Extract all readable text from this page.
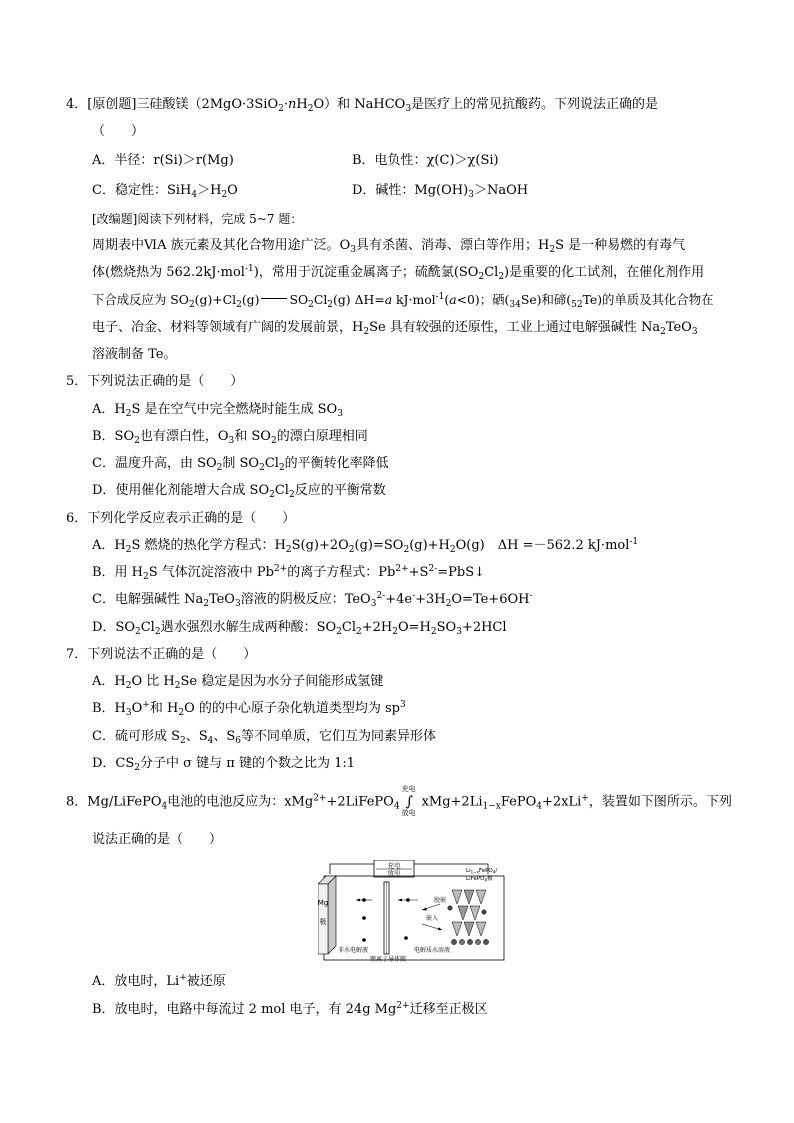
4．[原创题]三硅酸镁$(2MgO\cdot 3SiO_2\cdot nH_2O)$和 NaHCO$_3$是医疗上的常见抗酸药。下列说法正确的是
（　　）
A．半径：r(Si)＞r(Mg)	B．电负性：χ(C)＞χ(Si)
C．稳定性：$SiH_4>H_2O$	D．碱性：$Mg(OH)_3>NaOH$
[改编题]阅读下列材料，完成 5~7 题：
周期表中ⅥA 族元素及其化合物用途广泛。$O_3$具有杀菌、消毒、漂白等作用；$H_2S$ 是一种易燃的有毒气
体(燃烧热为 562.2kJ·mol$^{-1}$)，常用于沉淀重金属离子；硫酰氯$(SO_2Cl_2)$是重要的化工试剂，在催化剂作用
下合成反应为 $SO_2(g)+Cl_2(g)$ $SO_2Cl_2(g)$ ΔH=a kJ·mol$^{-1}$(a<0)；硒$(_{34}Se)$和碲$(_{52}Te)$的单质及其化合物在
电子、冶金、材料等领域有广阔的发展前景，$H_2Se$ 具有较强的还原性，工业上通过电解强碱性 $Na_2TeO_3$
溶液制备 Te。
5．下列说法正确的是（　　）
A．$H_2S$ 是在空气中完全燃烧时能生成 $SO_3$
B．$SO_2$也有漂白性，$O_3$和 $SO_2$的漂白原理相同
C．温度升高，由 $SO_2$制 $SO_2Cl_2$的平衡转化率降低
D．使用催化剂能增大合成 $SO_2Cl_2$反应的平衡常数
6．下列化学反应表示正确的是（　　）
A．$H_2S$ 燃烧的热化学方程式：$H_2S(g)+2O_2(g)=SO_2(g)+H_2O(g)$　ΔH =－562.2 kJ·mol$^{-1}$
B．用 $H_2S$ 气体沉淀溶液中 $Pb^{2+}$的离子方程式：$Pb^{2+}+S^{2-}=PbS↓$
C．电解强碱性 $Na_2TeO_3$溶液的阴极反应：$TeO_3^{2-}+4e^-+3H_2O=Te+6OH^-$
D．$SO_2Cl_2$遇水强烈水解生成两种酸：$SO_2Cl_2+2H_2O=H_2SO_3+2HCl$
7．下列说法不正确的是（　　）
A．$H_2O$ 比 $H_2Se$ 稳定是因为水分子间能形成氢键
B．$H_3O^+$和 $H_2O$ 的的中心原子杂化轨道类型均为 $sp^3$
C．硫可形成 $S_2$、$S_4$、$S_6$等不同单质，它们互为同素异形体
D．$CS_2$分子中 σ 键与 π 键的个数之比为 1:1
8．Mg/LiFePO$_4$电池的电池反应为：xMg$^{2+}$+2LiFePO$_4$
充电
∫
放电
$xMg+2Li_{1-x}FePO_4+2xLi^+$，装置如下图所示。下列
说法正确的是（　　）
充电
放电
Mg
极
脱嵌
嵌入
$Li_{1-x}FePO_4/$
LiFePO$_4$极
非水电解液	电解质水溶液
锂离子导体膜
A．放电时，Li+被还原
B．放电时，电路中每流过 2 mol 电子，有 24g $Mg^{2+}$迁移至正极区
